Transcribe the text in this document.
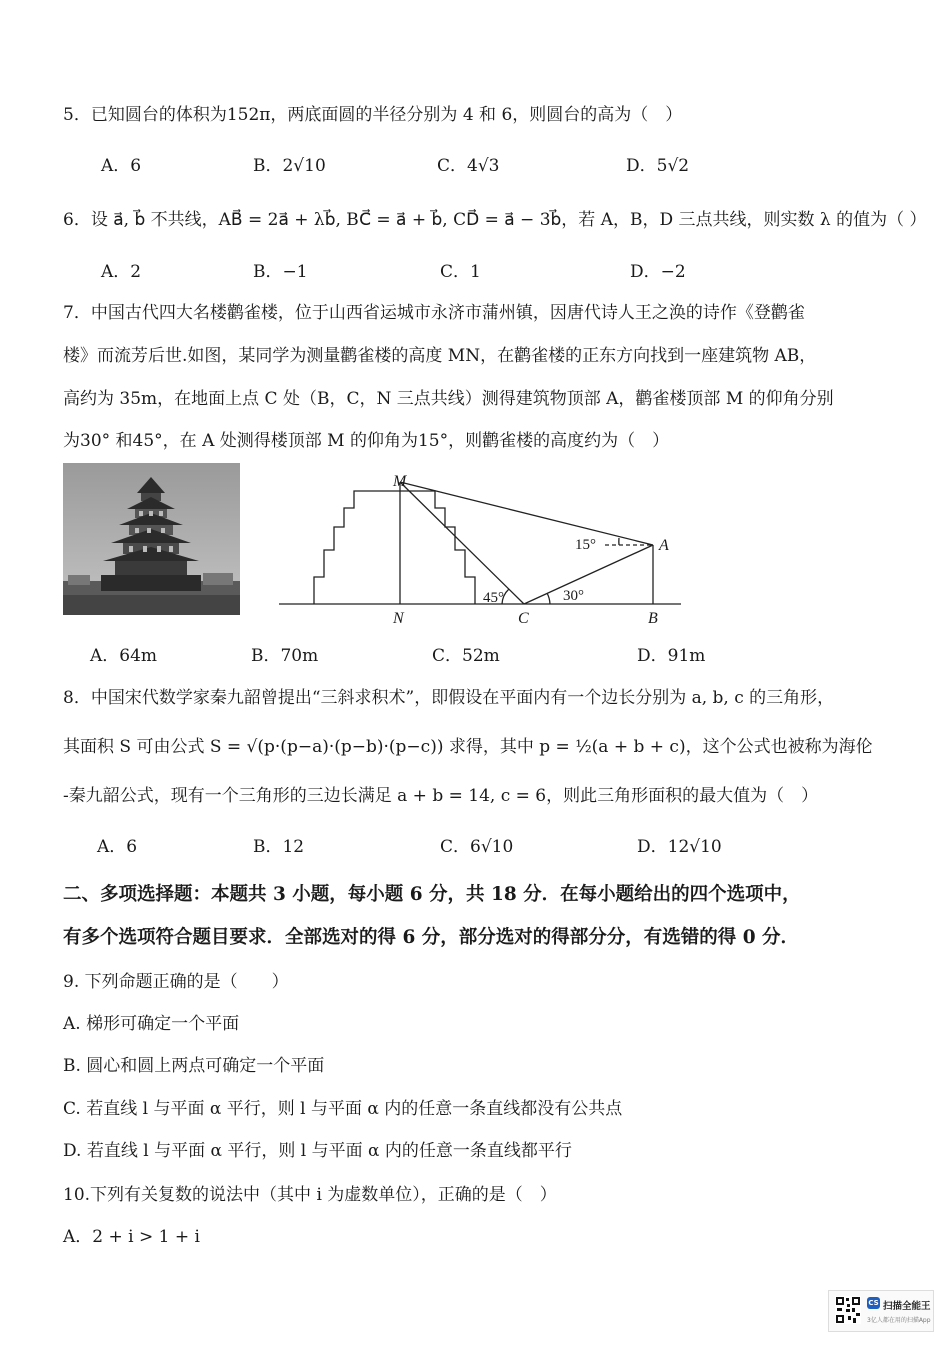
5．已知圆台的体积为152π，两底面圆的半径分别为 4 和 6，则圆台的高为（　）
A．6	B．2√10	C．4√3	D．5√2
6．设 a⃗, b⃗ 不共线，AB⃗ = 2a⃗ + λb⃗, BC⃗ = a⃗ + b⃗, CD⃗ = a⃗ − 3b⃗，若 A，B，D 三点共线，则实数 λ 的值为（ ）
A．2	B．−1	C．1	D．−2
7．中国古代四大名楼鹳雀楼，位于山西省运城市永济市蒲州镇，因唐代诗人王之涣的诗作《登鹳雀
楼》而流芳后世.如图，某同学为测量鹳雀楼的高度 MN，在鹳雀楼的正东方向找到一座建筑物 AB，
高约为 35m，在地面上点 C 处（B，C，N 三点共线）测得建筑物顶部 A，鹳雀楼顶部 M 的仰角分别
为30° 和45°，在 A 处测得楼顶部 M 的仰角为15°，则鹳雀楼的高度约为（　）
M
A
N	C	B
15°
45°	30°
A．64m	B．70m	C．52m	D．91m
8．中国宋代数学家秦九韶曾提出“三斜求积术”，即假设在平面内有一个边长分别为 a, b, c 的三角形，
其面积 S 可由公式 S = √(p·(p−a)·(p−b)·(p−c)) 求得，其中 p = ½(a + b + c)，这个公式也被称为海伦
-秦九韶公式，现有一个三角形的三边长满足 a + b = 14, c = 6，则此三角形面积的最大值为（　）
A．6	B．12	C．6√10	D．12√10
二、多项选择题：本题共 3 小题，每小题 6 分，共 18 分．在每小题给出的四个选项中，
有多个选项符合题目要求．全部选对的得 6 分，部分选对的得部分分，有选错的得 0 分．
9. 下列命题正确的是（　　）
A. 梯形可确定一个平面
B. 圆心和圆上两点可确定一个平面
C. 若直线 l 与平面 α 平行，则 l 与平面 α 内的任意一条直线都没有公共点
D. 若直线 l 与平面 α 平行，则 l 与平面 α 内的任意一条直线都平行
10.下列有关复数的说法中（其中 i 为虚数单位），正确的是（　）
A．2 + i > 1 + i
CS 扫描全能王
3亿人都在用的扫描App
